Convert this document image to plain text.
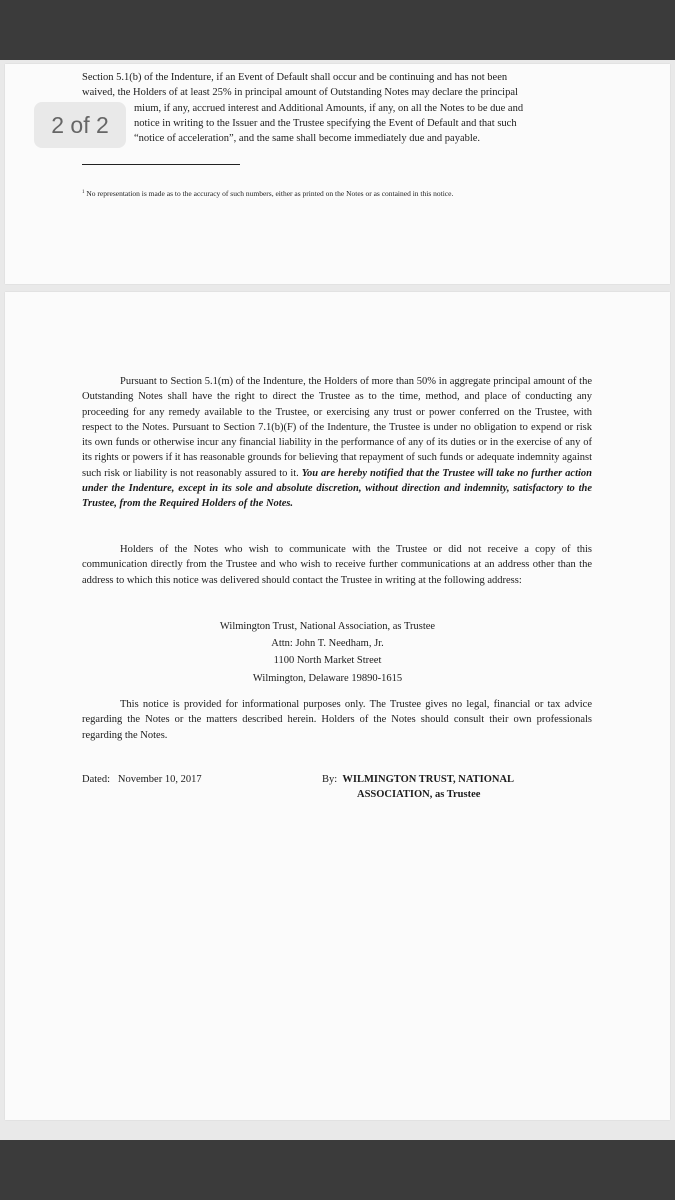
Section 5.1(b) of the Indenture, if an Event of Default shall occur and be continuing and has not been

waived, the Holders of at least 25% in principal amount of Outstanding Notes may declare the principal

mium, if any, accrued interest and Additional Amounts, if any, on all the Notes to be due and

notice in writing to the Issuer and the Trustee specifying the Event of Default and that such

“notice of acceleration”, and the same shall become immediately due and payable.

$^1$ No representation is made as to the accuracy of such numbers, either as printed on the Notes or as contained in this notice.
2 of 2
Pursuant to Section 5.1(m) of the Indenture, the Holders of more than 50% in aggregate principal amount of the Outstanding Notes shall have the right to direct the Trustee as to the time, method, and place of conducting any proceeding for any remedy available to the Trustee, or exercising any trust or power conferred on the Trustee, with respect to the Notes. Pursuant to Section 7.1(b)(F) of the Indenture, the Trustee is under no obligation to expend or risk its own funds or otherwise incur any financial liability in the performance of any of its duties or in the exercise of any of its rights or powers if it has reasonable grounds for believing that repayment of such funds or adequate indemnity against such risk or liability is not reasonably assured to it. You are hereby notified that the Trustee will take no further action under the Indenture, except in its sole and absolute discretion, without direction and indemnity, satisfactory to the Trustee, from the Required Holders of the Notes.
Holders of the Notes who wish to communicate with the Trustee or did not receive a copy of this communication directly from the Trustee and who wish to receive further communications at an address other than the address to which this notice was delivered should contact the Trustee in writing at the following address:
Wilmington Trust, National Association, as Trustee
Attn: John T. Needham, Jr.
1100 North Market Street
Wilmington, Delaware 19890-1615
This notice is provided for informational purposes only. The Trustee gives no legal, financial or tax advice regarding the Notes or the matters described herein. Holders of the Notes should consult their own professionals regarding the Notes.
Dated: November 10, 2017	By: WILMINGTON TRUST, NATIONAL
ASSOCIATION, as Trustee
